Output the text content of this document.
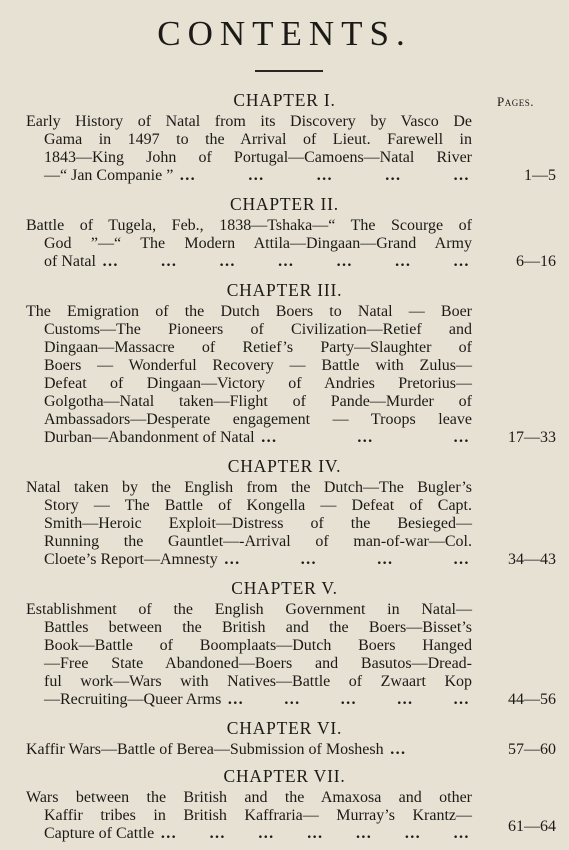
CONTENTS.
Pages.
CHAPTER I.
Early History of Natal from its Discovery by Vasco De
Gama in 1497 to the Arrival of Lieut. Farewell in
1843—King John of Portugal—Camoens—Natal River
—“ Jan Companie ” … … … … …	1—5
CHAPTER II.
Battle of Tugela, Feb., 1838—Tshaka—“ The Scourge of
God ”—“ The Modern Attila—Dingaan—Grand Army
of Natal … … … … … … …	6—16
CHAPTER III.
The Emigration of the Dutch Boers to Natal — Boer
Customs—The Pioneers of Civilization—Retief and
Dingaan—Massacre of Retief’s Party—Slaughter of
Boers — Wonderful Recovery — Battle with Zulus—
Defeat of Dingaan—Victory of Andries Pretorius—
Golgotha—Natal taken—Flight of Pande—Murder of
Ambassadors—Desperate engagement — Troops leave
Durban—Abandonment of Natal … … …	17—33
CHAPTER IV.
Natal taken by the English from the Dutch—The Bugler’s
Story — The Battle of Kongella — Defeat of Capt.
Smith—Heroic Exploit—Distress of the Besieged—
Running the Gauntlet—-Arrival of man-of-war—Col.
Cloete’s Report—Amnesty … … … …	34—43
CHAPTER V.
Establishment of the English Government in Natal—
Battles between the British and the Boers—Bisset’s
Book—Battle of Boomplaats—Dutch Boers Hanged
—Free State Abandoned—Boers and Basutos—Dread-
ful work—Wars with Natives—Battle of Zwaart Kop
—Recruiting—Queer Arms … … … … …	44—56
CHAPTER VI.
Kaffir Wars—Battle of Berea—Submission of Moshesh …	57—60
CHAPTER VII.
Wars between the British and the Amaxosa and other
Kaffir tribes in British Kaffraria— Murray’s Krantz—
Capture of Cattle … … … … … … …	61—64
